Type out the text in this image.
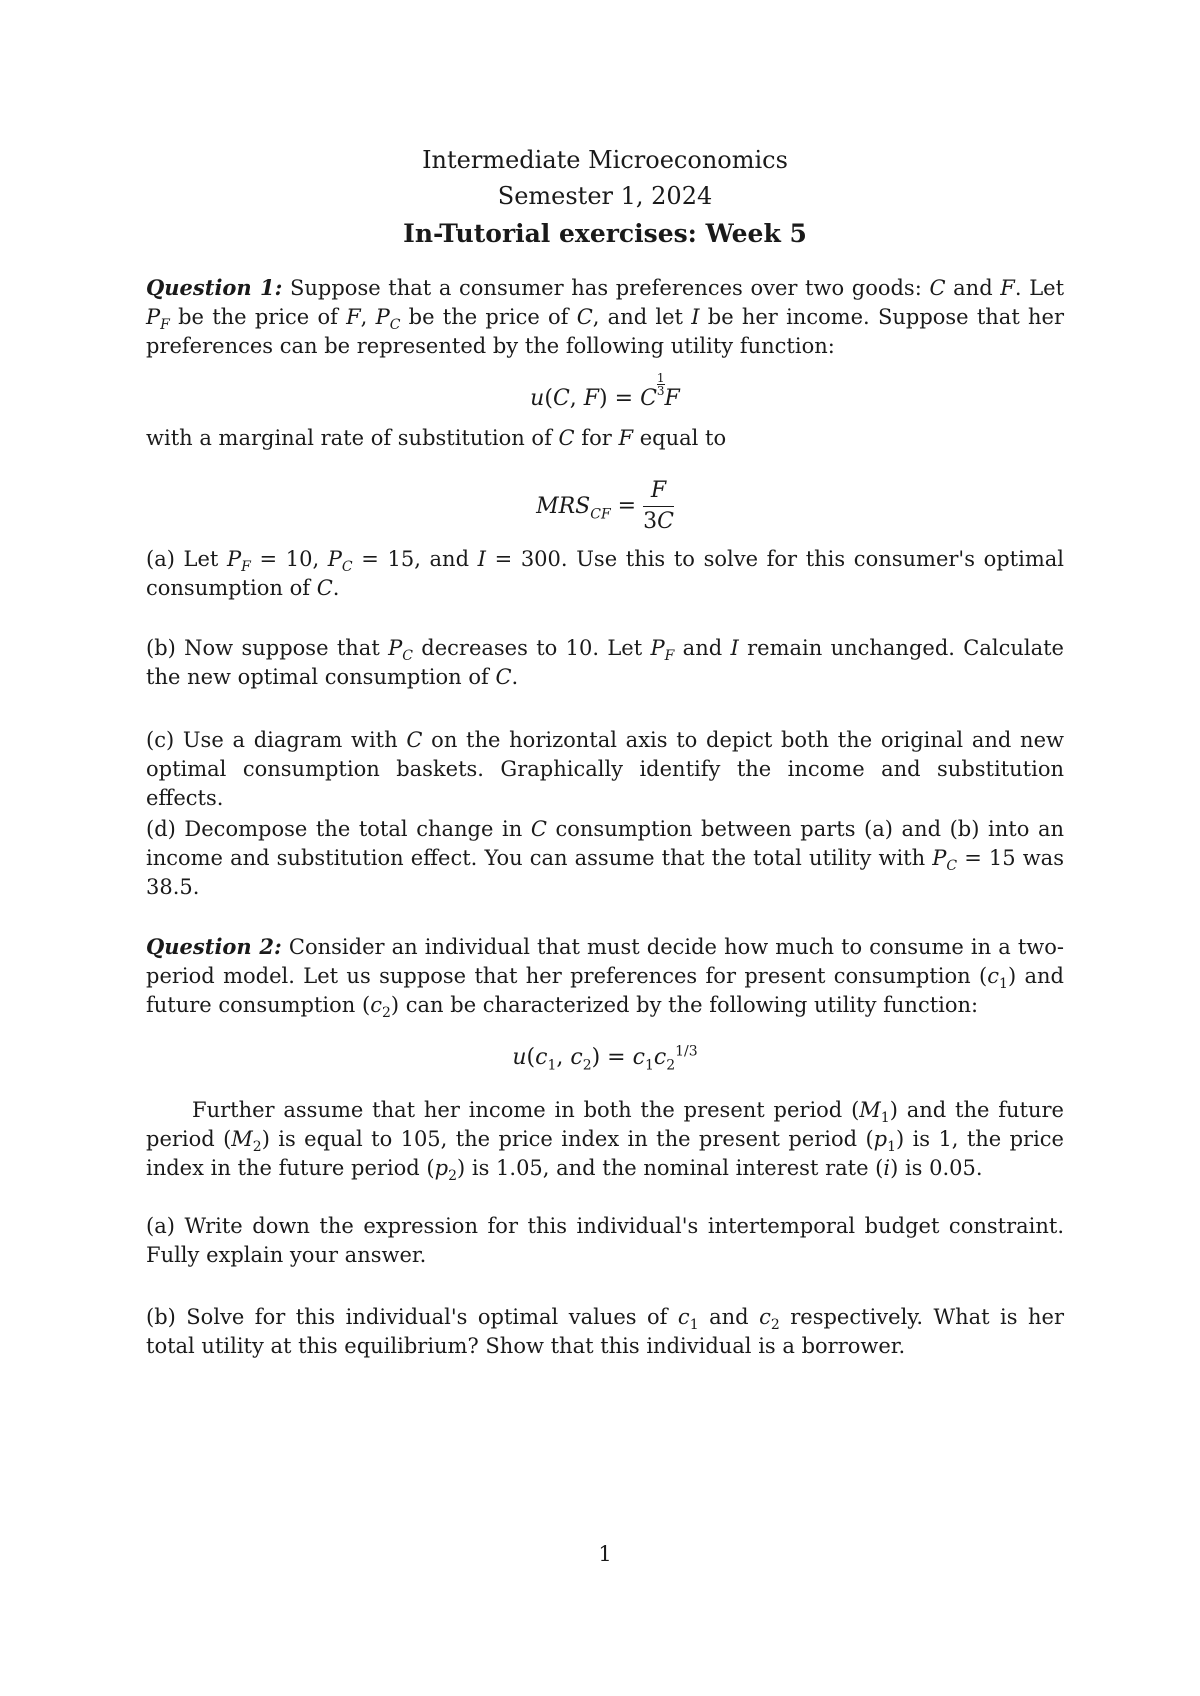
Intermediate Microeconomics
Semester 1, 2024
In-Tutorial exercises: Week 5
Question 1: Suppose that a consumer has preferences over two goods: C and F. Let $P_F$ be the price of F, $P_C$ be the price of C, and let I be her income. Suppose that her preferences can be represented by the following utility function:
u(C, F) = C
$\frac{1}{3}$
F
with a marginal rate of substitution of C for F equal to
$MRS_{CF} = \frac{F}{3C}$
(a) Let $P_F = 10$, $P_C = 15$, and I = 300. Use this to solve for this consumer's optimal consumption of C.
(b) Now suppose that $P_C$ decreases to 10. Let $P_F$ and I remain unchanged. Calculate the new optimal consumption of C.
(c) Use a diagram with C on the horizontal axis to depict both the original and new optimal consumption baskets. Graphically identify the income and substitution effects.
(d) Decompose the total change in C consumption between parts (a) and (b) into an income and substitution effect. You can assume that the total utility with $P_C = 15$ was 38.5.
Question 2: Consider an individual that must decide how much to consume in a two-period model. Let us suppose that her preferences for present consumption $(c_1)$ and future consumption $(c_2)$ can be characterized by the following utility function:
$u(c_1$, $c_2) = c_1c_2^{1/3}$
Further assume that her income in both the present period $(M_1)$ and the future period $(M_2)$ is equal to 105, the price index in the present period $(p_1)$ is 1, the price index in the future period $(p_2)$ is 1.05, and the nominal interest rate (i) is 0.05.
(a) Write down the expression for this individual's intertemporal budget constraint. Fully explain your answer.
(b) Solve for this individual's optimal values of $c_1$ and $c_2$ respectively. What is her total utility at this equilibrium? Show that this individual is a borrower.
1
